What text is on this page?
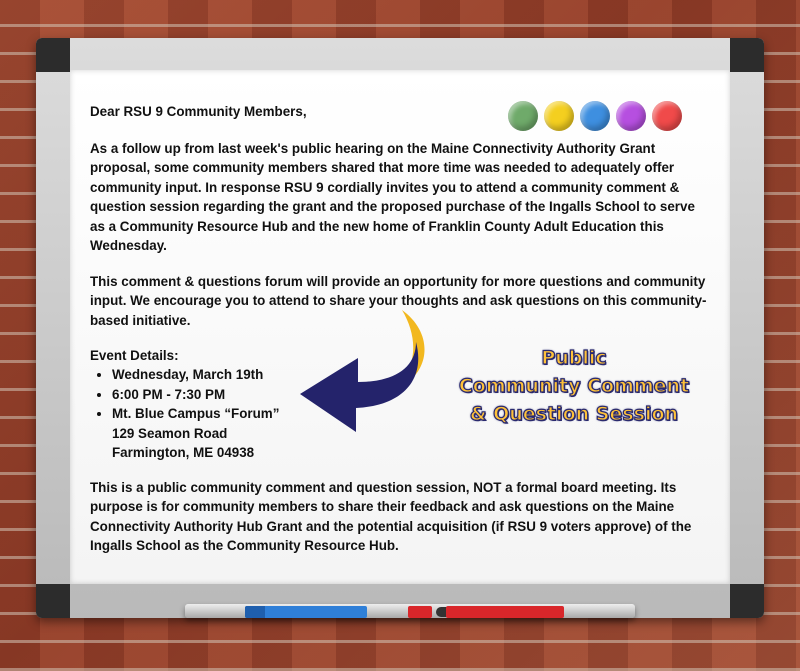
Dear RSU 9 Community Members,
As a follow up from last week's public hearing on the Maine Connectivity Authority Grant proposal, some community members shared that more time was needed to adequately offer community input. In response RSU 9 cordially invites you to attend a community comment & question session regarding the grant and the proposed purchase of the Ingalls School to serve as a Community Resource Hub and the new home of Franklin County Adult Education this Wednesday.
This comment & questions forum will provide an opportunity for more questions and community input. We encourage you to attend to share your thoughts and ask questions on this community-based initiative.
Event Details:
• Wednesday, March 19th
• 6:00 PM - 7:30 PM
• Mt. Blue Campus “Forum”
129 Seamon Road
Farmington, ME 04938
Public
Community Comment
& Question Session
This is a public community comment and question session, NOT a formal board meeting. Its purpose is for community members to share their feedback and ask questions on the Maine Connectivity Authority Hub Grant and the potential acquisition (if RSU 9 voters approve) of the Ingalls School as the Community Resource Hub.
